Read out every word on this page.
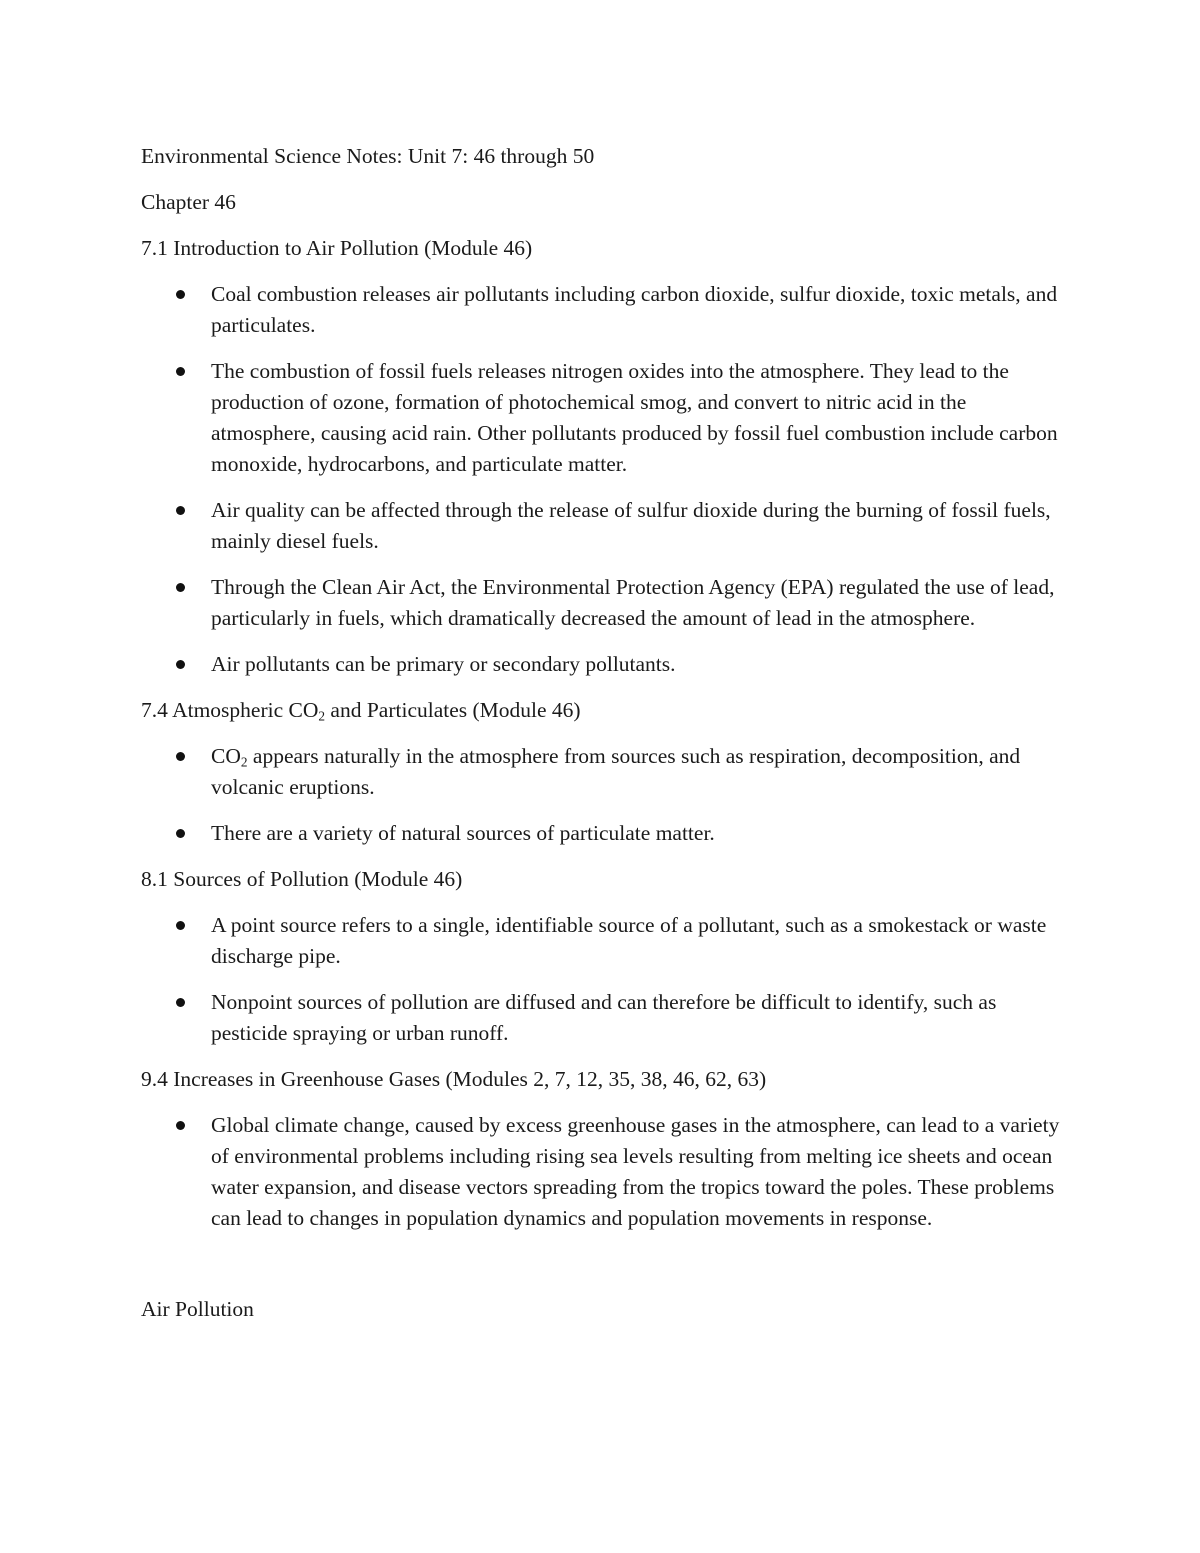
Environmental Science Notes: Unit 7: 46 through 50

Chapter 46

7.1 Introduction to Air Pollution (Module 46)

Coal combustion releases air pollutants including carbon dioxide, sulfur dioxide, toxic metals, and particulates.
The combustion of fossil fuels releases nitrogen oxides into the atmosphere. They lead to the production of ozone, formation of photochemical smog, and convert to nitric acid in the atmosphere, causing acid rain. Other pollutants produced by fossil fuel combustion include carbon monoxide, hydrocarbons, and particulate matter.
Air quality can be affected through the release of sulfur dioxide during the burning of fossil fuels, mainly diesel fuels.
Through the Clean Air Act, the Environmental Protection Agency (EPA) regulated the use of lead, particularly in fuels, which dramatically decreased the amount of lead in the atmosphere.
Air pollutants can be primary or secondary pollutants.

7.4 Atmospheric $CO_2$ and Particulates (Module 46)

$CO_2$ appears naturally in the atmosphere from sources such as respiration, decomposition, and volcanic eruptions.
There are a variety of natural sources of particulate matter.

8.1 Sources of Pollution (Module 46)

A point source refers to a single, identifiable source of a pollutant, such as a smokestack or waste discharge pipe.
Nonpoint sources of pollution are diffused and can therefore be difficult to identify, such as pesticide spraying or urban runoff.

9.4 Increases in Greenhouse Gases (Modules 2, 7, 12, 35, 38, 46, 62, 63)

Global climate change, caused by excess greenhouse gases in the atmosphere, can lead to a variety of environmental problems including rising sea levels resulting from melting ice sheets and ocean water expansion, and disease vectors spreading from the tropics toward the poles. These problems can lead to changes in population dynamics and population movements in response.

Air Pollution
